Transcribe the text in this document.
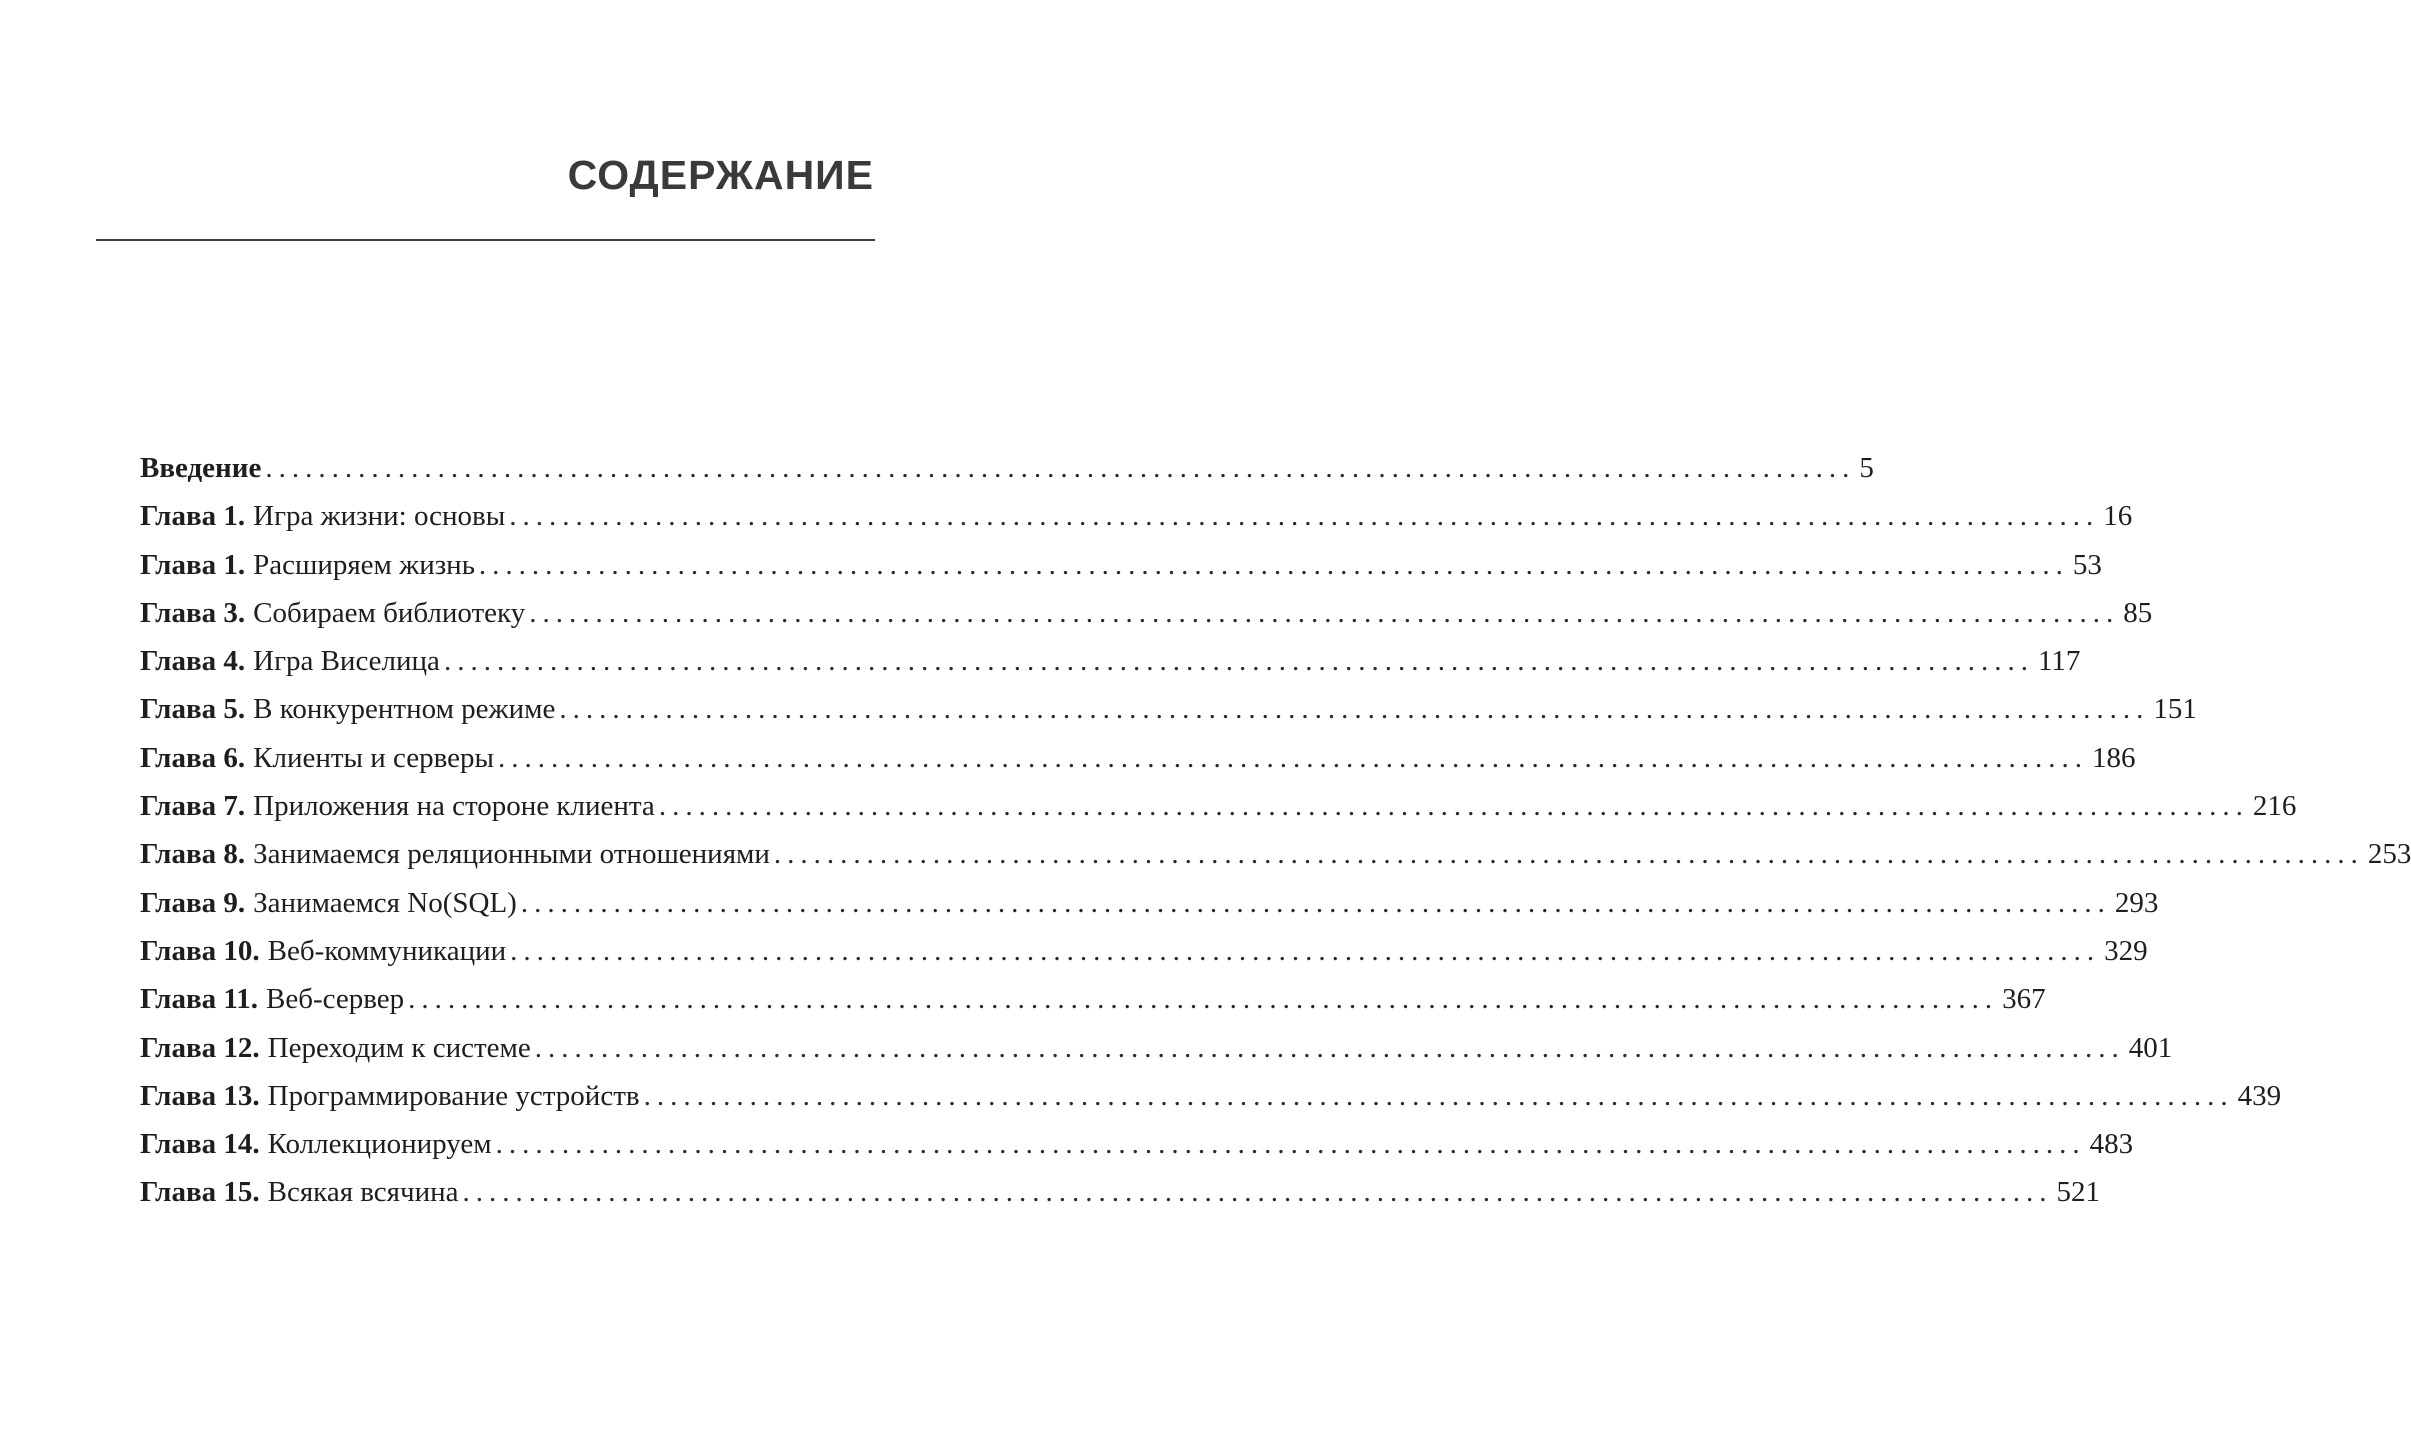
СОДЕРЖАНИЕ
Введение ........................................................................................................................ 5
Глава 1. Игра жизни: основы ........................................................................................................................ 16
Глава 1. Расширяем жизнь ........................................................................................................................ 53
Глава 3. Собираем библиотеку ........................................................................................................................ 85
Глава 4. Игра Виселица ........................................................................................................................ 117
Глава 5. В конкурентном режиме ........................................................................................................................ 151
Глава 6. Клиенты и серверы ........................................................................................................................ 186
Глава 7. Приложения на стороне клиента ........................................................................................................................ 216
Глава 8. Занимаемся реляционными отношениями ........................................................................................................................ 253
Глава 9. Занимаемся No(SQL) ........................................................................................................................ 293
Глава 10. Веб-коммуникации ........................................................................................................................ 329
Глава 11. Веб-сервер ........................................................................................................................ 367
Глава 12. Переходим к системе ........................................................................................................................ 401
Глава 13. Программирование устройств ........................................................................................................................ 439
Глава 14. Коллекционируем ........................................................................................................................ 483
Глава 15. Всякая всячина ........................................................................................................................ 521
